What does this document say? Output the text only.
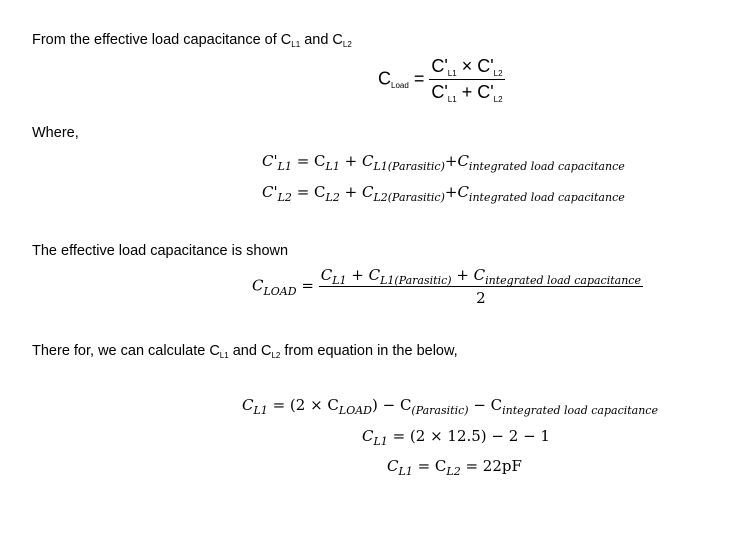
From the effective load capacitance of $C_{L1}$ and $C_{L2}$
$C_{Load} = \frac{C'_{L1} \times C'_{L2}}{C'_{L1} + C'_{L2}}$
Where,
$C'_{L1} = C_{L1} + C_{L1(Parasitic)}+C_{integrated load capacitance}$
$C'_{L2} = C_{L2} + C_{L2(Parasitic)}+C_{integrated load capacitance}$
The effective load capacitance is shown
$C_{LOAD} = \frac{C_{L1} + C_{L1(Parasitic)} + C_{integrated load capacitance}}{2}$
There for, we can calculate $C_{L1}$ and $C_{L2}$ from equation in the below,
$C_{L1} = (2 \times C_{LOAD}) - C_{(Parasitic)} - C_{integrated load capacitance}$
$C_{L1} = (2 \times 12.5) - 2 - 1$
$C_{L1} = C_{L2} = 22pF$
